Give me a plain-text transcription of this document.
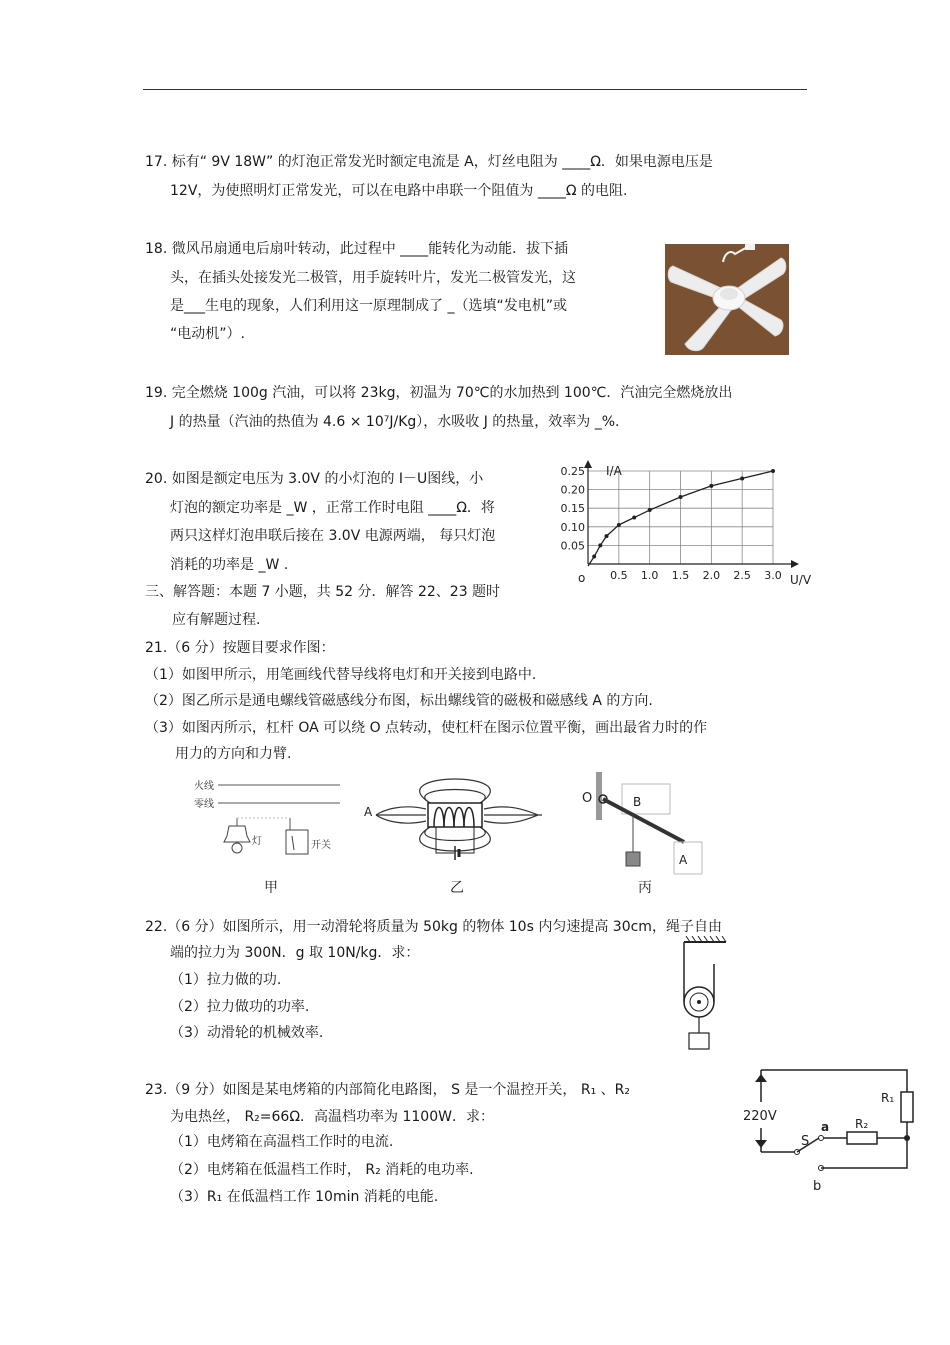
17. 标有“ 9V 18W” 的灯泡正常发光时额定电流是 A，灯丝电阻为 ____Ω．如果电源电压是
12V，为使照明灯正常发光，可以在电路中串联一个阻值为 ____Ω 的电阻.
18. 微风吊扇通电后扇叶转动，此过程中 ____能转化为动能．拔下插
头，在插头处接发光二极管，用手旋转叶片，发光二极管发光，这
是___生电的现象，人们利用这一原理制成了 _（选填“发电机”或
“电动机”）.
19. 完全燃烧 100g 汽油，可以将 23kg，初温为 70℃的水加热到 100℃．汽油完全燃烧放出
J 的热量（汽油的热值为 4.6 × 10⁷J/Kg），水吸收 J 的热量，效率为 _%.
20. 如图是额定电压为 3.0V 的小灯泡的 I－U图线，小
灯泡的额定功率是 _W ，正常工作时电阻 ____Ω．将
两只这样灯泡串联后接在 3.0V 电源两端， 每只灯泡
消耗的功率是 _W .
I/A
U/V
o 0.5 1.0 1.5 2.0 2.5 3.0
0.05
0.10
0.15
0.20
0.25
三、解答题：本题 7 小题，共 52 分．解答 22、23 题时
应有解题过程.
21.（6 分）按题目要求作图：
（1）如图甲所示，用笔画线代替导线将电灯和开关接到电路中.
（2）图乙所示是通电螺线管磁感线分布图，标出螺线管的磁极和磁感线 A 的方向.
（3）如图丙所示，杠杆 OA 可以绕 O 点转动，使杠杆在图示位置平衡，画出最省力时的作
用力的方向和力臂.
火线
零线
灯	开关
甲
A
乙
O	B
A
丙
22.（6 分）如图所示，用一动滑轮将质量为 50kg 的物体 10s 内匀速提高 30cm，绳子自由
端的拉力为 300N．g 取 10N/kg．求：
（1）拉力做的功.
（2）拉力做功的功率.
（3）动滑轮的机械效率.
23.（9 分）如图是某电烤箱的内部简化电路图， S 是一个温控开关， R₁ 、R₂
为电热丝， R₂=66Ω．高温档功率为 1100W．求：
（1）电烤箱在高温档工作时的电流.
（2）电烤箱在低温档工作时， R₂ 消耗的电功率.
（3）R₁ 在低温档工作 10min 消耗的电能.
R₁
220V
S
a R₂
b
